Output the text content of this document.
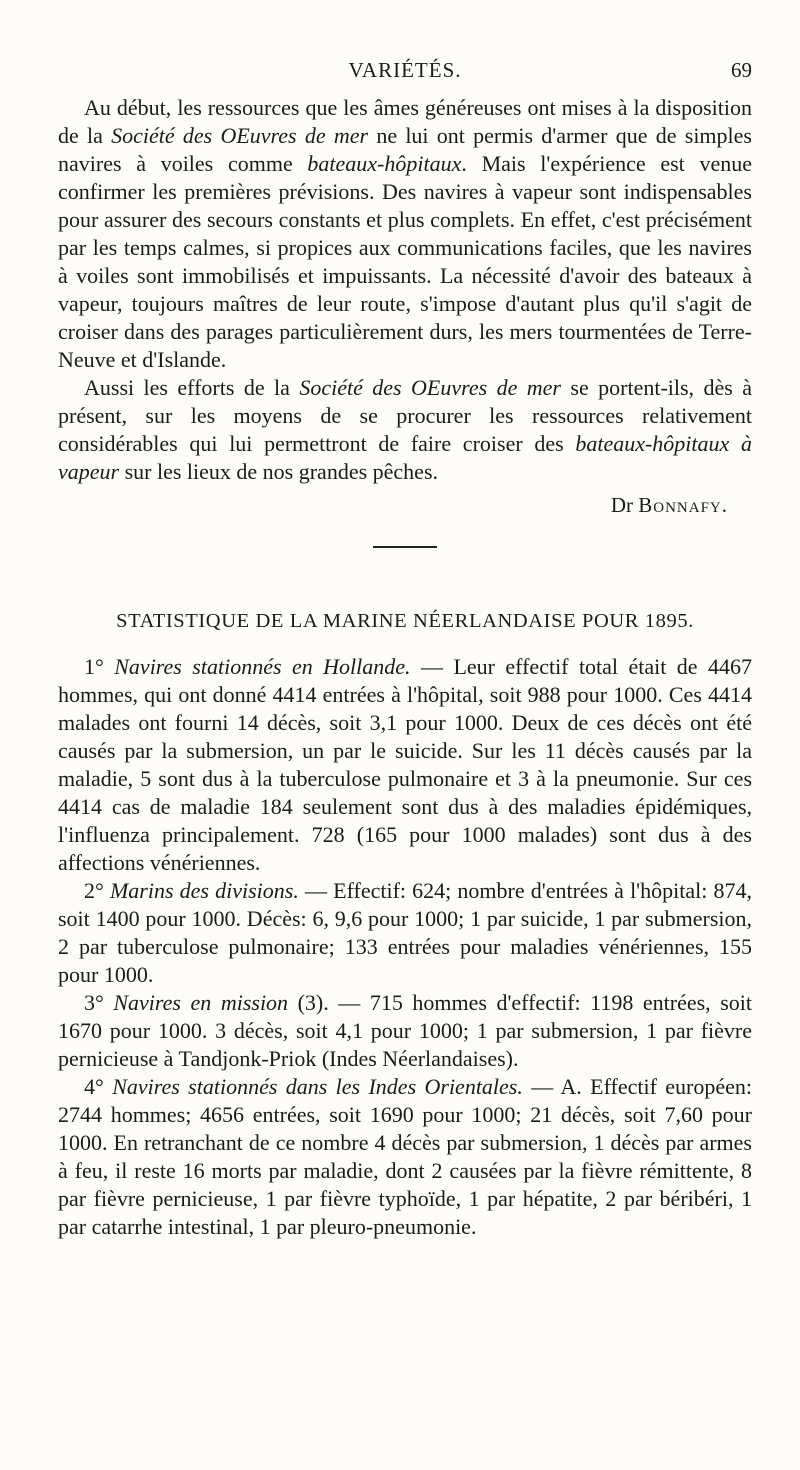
VARIÉTÉS.	69

Au début, les ressources que les âmes généreuses ont mises à la disposition de la Société des OEuvres de mer ne lui ont permis d'armer que de simples navires à voiles comme bateaux-hôpitaux. Mais l'expérience est venue confirmer les premières prévisions. Des navires à vapeur sont indispensables pour assurer des secours constants et plus complets. En effet, c'est précisément par les temps calmes, si propices aux communications faciles, que les navires à voiles sont immobilisés et impuissants. La nécessité d'avoir des bateaux à vapeur, toujours maîtres de leur route, s'impose d'autant plus qu'il s'agit de croiser dans des parages particulièrement durs, les mers tourmentées de Terre-Neuve et d'Islande.

Aussi les efforts de la Société des OEuvres de mer se portent-ils, dès à présent, sur les moyens de se procurer les ressources relativement considérables qui lui permettront de faire croiser des bateaux-hôpitaux à vapeur sur les lieux de nos grandes pêches.

Dr Bonnafy.
STATISTIQUE DE LA MARINE NÉERLANDAISE POUR 1895.

1° Navires stationnés en Hollande. — Leur effectif total était de 4467 hommes, qui ont donné 4414 entrées à l'hôpital, soit 988 pour 1000. Ces 4414 malades ont fourni 14 décès, soit 3,1 pour 1000. Deux de ces décès ont été causés par la submersion, un par le suicide. Sur les 11 décès causés par la maladie, 5 sont dus à la tuberculose pulmonaire et 3 à la pneumonie. Sur ces 4414 cas de maladie 184 seulement sont dus à des maladies épidémiques, l'influenza principalement. 728 (165 pour 1000 malades) sont dus à des affections vénériennes.

2° Marins des divisions. — Effectif: 624; nombre d'entrées à l'hôpital: 874, soit 1400 pour 1000. Décès: 6, 9,6 pour 1000; 1 par suicide, 1 par submersion, 2 par tuberculose pulmonaire; 133 entrées pour maladies vénériennes, 155 pour 1000.

3° Navires en mission (3). — 715 hommes d'effectif: 1198 entrées, soit 1670 pour 1000. 3 décès, soit 4,1 pour 1000; 1 par submersion, 1 par fièvre pernicieuse à Tandjonk-Priok (Indes Néerlandaises).

4° Navires stationnés dans les Indes Orientales. — A. Effectif européen: 2744 hommes; 4656 entrées, soit 1690 pour 1000; 21 décès, soit 7,60 pour 1000. En retranchant de ce nombre 4 décès par submersion, 1 décès par armes à feu, il reste 16 morts par maladie, dont 2 causées par la fièvre rémittente, 8 par fièvre pernicieuse, 1 par fièvre typhoïde, 1 par hépatite, 2 par béribéri, 1 par catarrhe intestinal, 1 par pleuro-pneumonie.
